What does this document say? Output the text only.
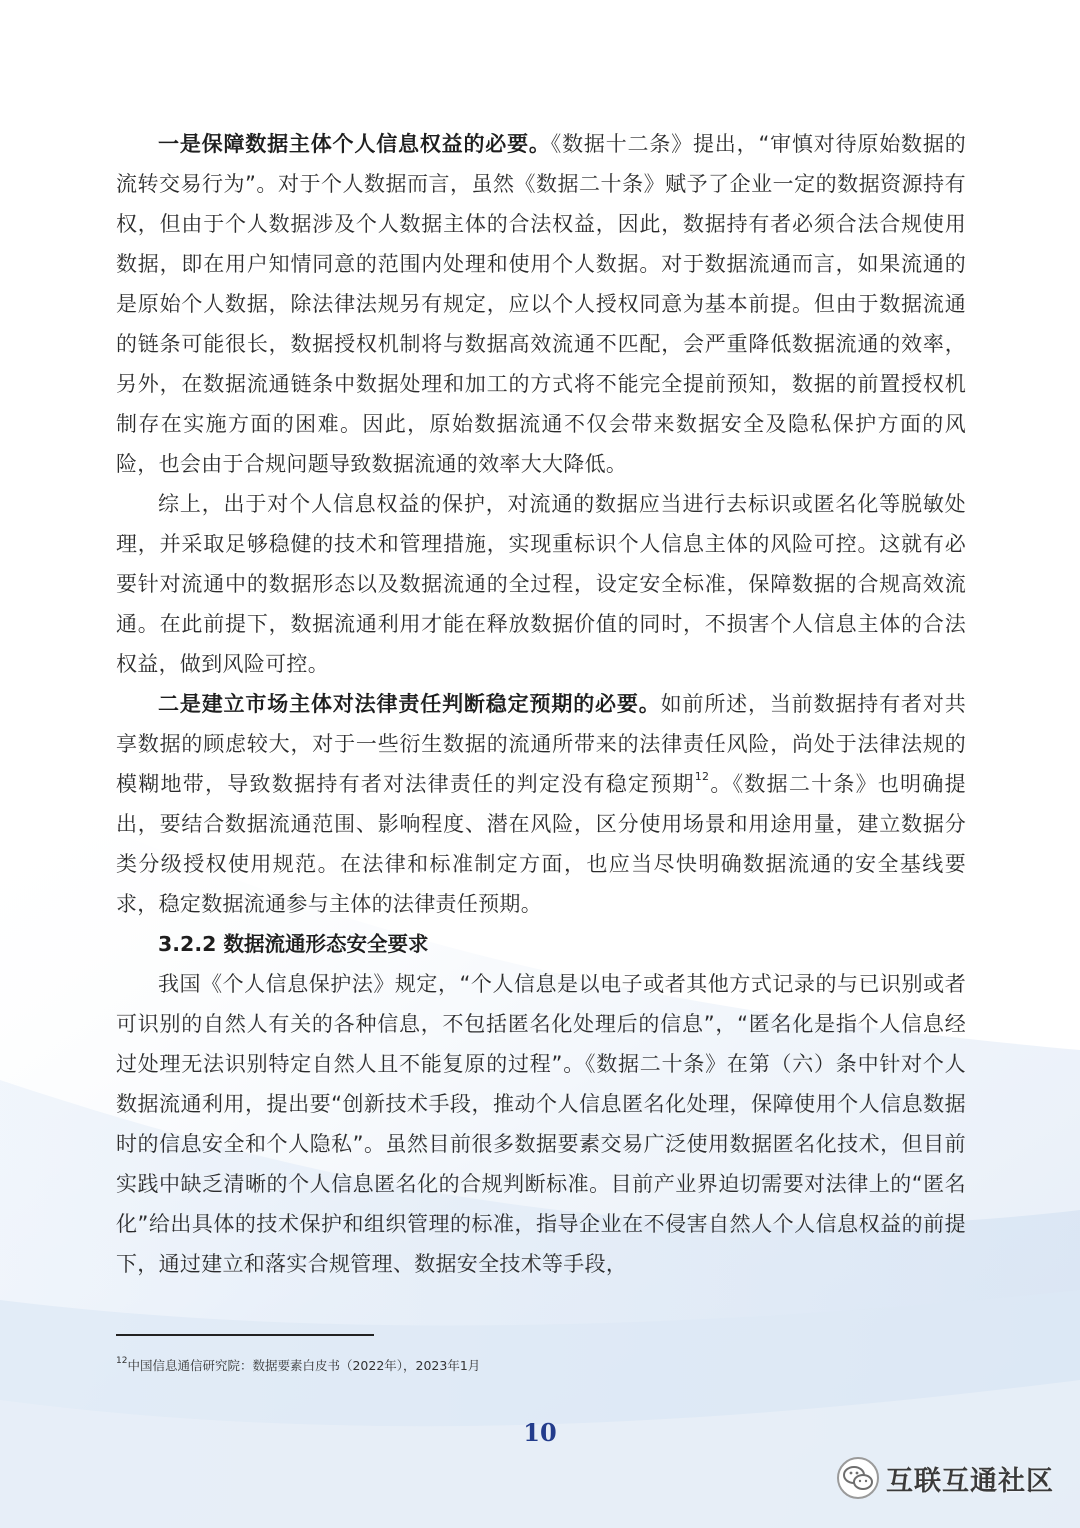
一是保障数据主体个人信息权益的必要。《数据十二条》提出，“审慎对待原始数据的流转交易行为”。对于个人数据而言，虽然《数据二十条》赋予了企业一定的数据资源持有权，但由于个人数据涉及个人数据主体的合法权益，因此，数据持有者必须合法合规使用数据，即在用户知情同意的范围内处理和使用个人数据。对于数据流通而言，如果流通的是原始个人数据，除法律法规另有规定，应以个人授权同意为基本前提。但由于数据流通的链条可能很长，数据授权机制将与数据高效流通不匹配，会严重降低数据流通的效率，另外，在数据流通链条中数据处理和加工的方式将不能完全提前预知，数据的前置授权机制存在实施方面的困难。因此，原始数据流通不仅会带来数据安全及隐私保护方面的风险，也会由于合规问题导致数据流通的效率大大降低。

综上，出于对个人信息权益的保护，对流通的数据应当进行去标识或匿名化等脱敏处理，并采取足够稳健的技术和管理措施，实现重标识个人信息主体的风险可控。这就有必要针对流通中的数据形态以及数据流通的全过程，设定安全标准，保障数据的合规高效流通。在此前提下，数据流通利用才能在释放数据价值的同时，不损害个人信息主体的合法权益，做到风险可控。

二是建立市场主体对法律责任判断稳定预期的必要。如前所述，当前数据持有者对共享数据的顾虑较大，对于一些衍生数据的流通所带来的法律责任风险，尚处于法律法规的模糊地带，导致数据持有者对法律责任的判定没有稳定预期$^{12}$。《数据二十条》也明确提出，要结合数据流通范围、影响程度、潜在风险，区分使用场景和用途用量，建立数据分类分级授权使用规范。在法律和标准制定方面，也应当尽快明确数据流通的安全基线要求，稳定数据流通参与主体的法律责任预期。

3.2.2 数据流通形态安全要求

我国《个人信息保护法》规定，“个人信息是以电子或者其他方式记录的与已识别或者可识别的自然人有关的各种信息，不包括匿名化处理后的信息”，“匿名化是指个人信息经过处理无法识别特定自然人且不能复原的过程”。《数据二十条》在第（六）条中针对个人数据流通利用，提出要“创新技术手段，推动个人信息匿名化处理，保障使用个人信息数据时的信息安全和个人隐私”。虽然目前很多数据要素交易广泛使用数据匿名化技术，但目前实践中缺乏清晰的个人信息匿名化的合规判断标准。目前产业界迫切需要对法律上的“匿名化”给出具体的技术保护和组织管理的标准，指导企业在不侵害自然人个人信息权益的前提下，通过建立和落实合规管理、数据安全技术等手段，

$^{12}$中国信息通信研究院：数据要素白皮书（2022年），2023年1月
10
互联互通社区
